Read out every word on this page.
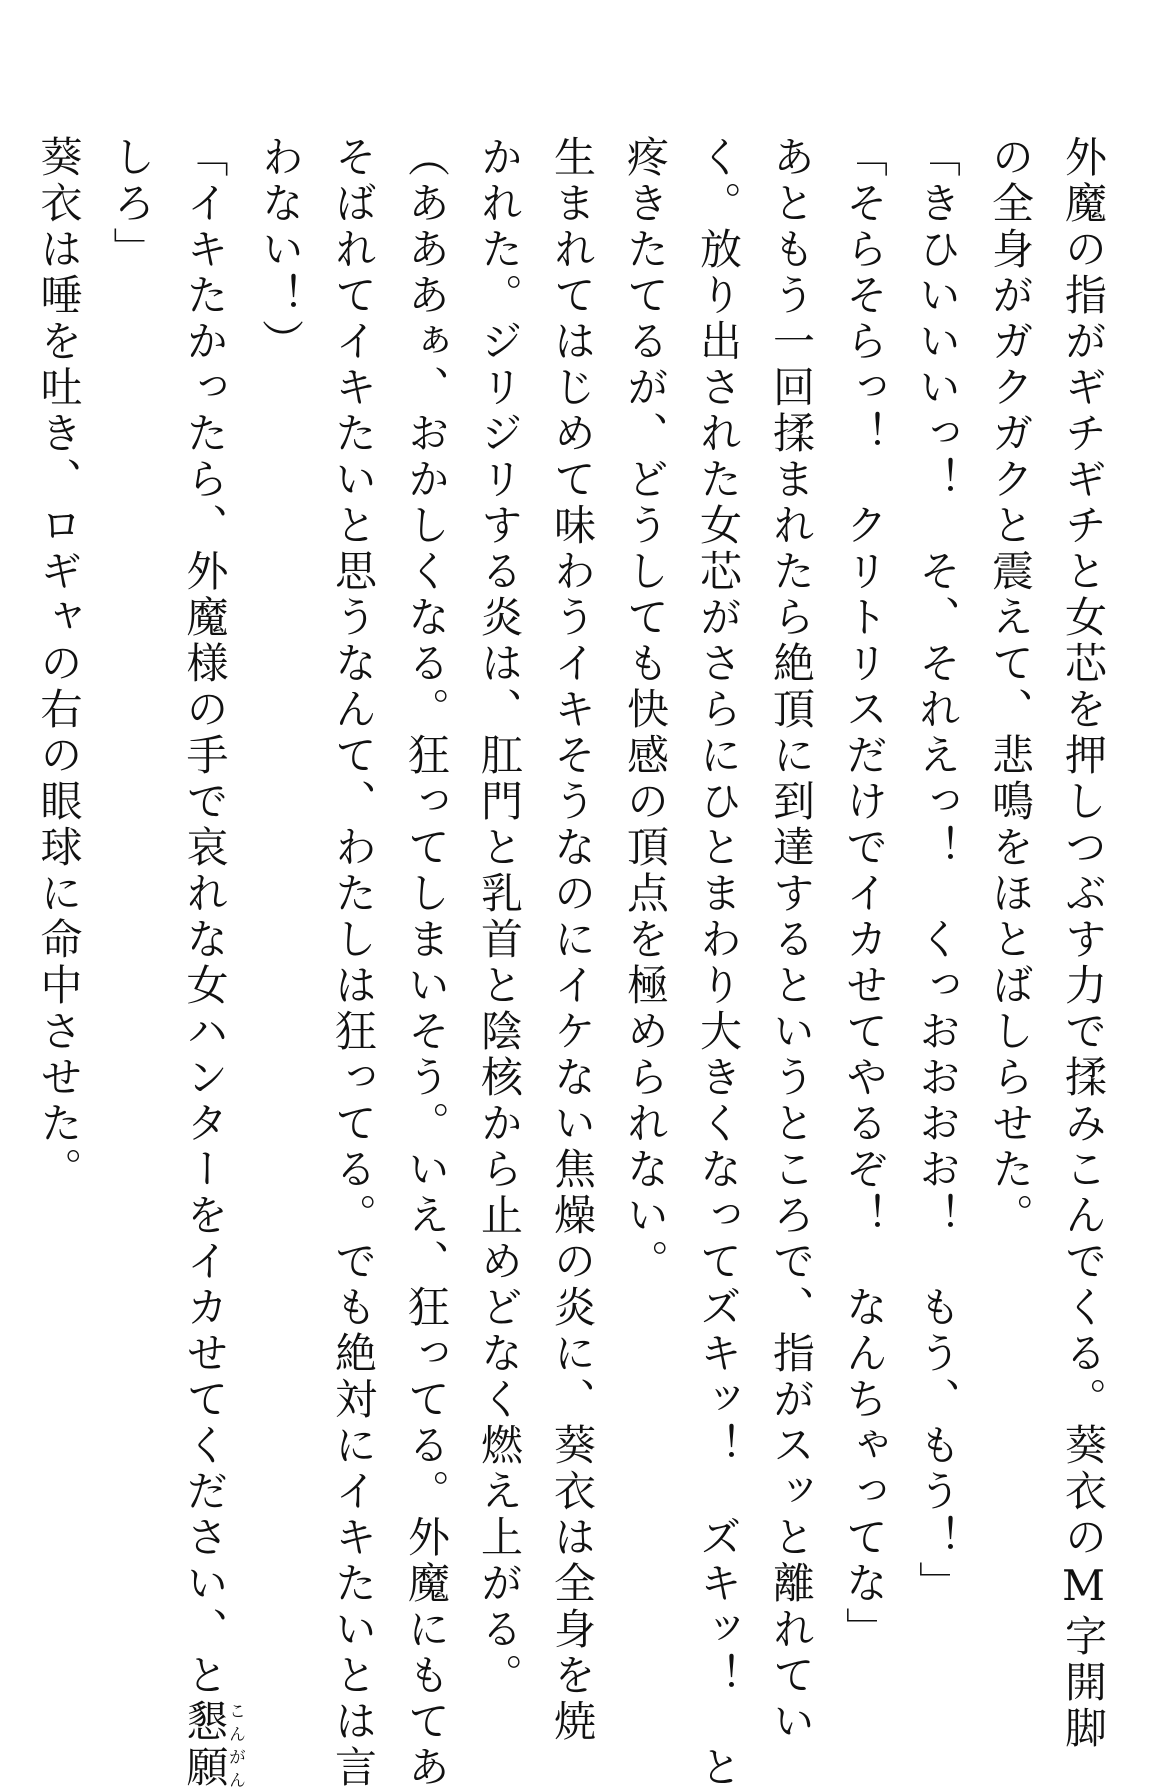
外魔の指がギチギチと女芯を押しつぶす力で揉みこんでくる。葵衣のM字開脚

の全身がガクガクと震えて、悲鳴をほとばしらせた。

「きひいいいっ！　そ、それえっ！　くっおおおお！　もう、もう！」

「そらそらっ！　クリトリスだけでイカせてやるぞ！　なんちゃってな」

あともう一回揉まれたら絶頂に到達するというところで、指がスッと離れてい

く。放り出された女芯がさらにひとまわり大きくなってズキッ！　ズキッ！　と

疼きたてるが、どうしても快感の頂点を極められない。

生まれてはじめて味わうイキそうなのにイケない焦燥の炎に、葵衣は全身を焼

かれた。ジリジリする炎は、肛門と乳首と陰核から止めどなく燃え上がる。

（あああぁ、おかしくなる。狂ってしまいそう。いえ、狂ってる。外魔にもてあ

そばれてイキたいと思うなんて、わたしは狂ってる。でも絶対にイキたいとは言

わない！）

「イキたかったら、外魔様の手で哀れな女ハンターをイカせてください、と懇願こんがん

しろ」

葵衣は唾を吐き、ロギャの右の眼球に命中させた。
